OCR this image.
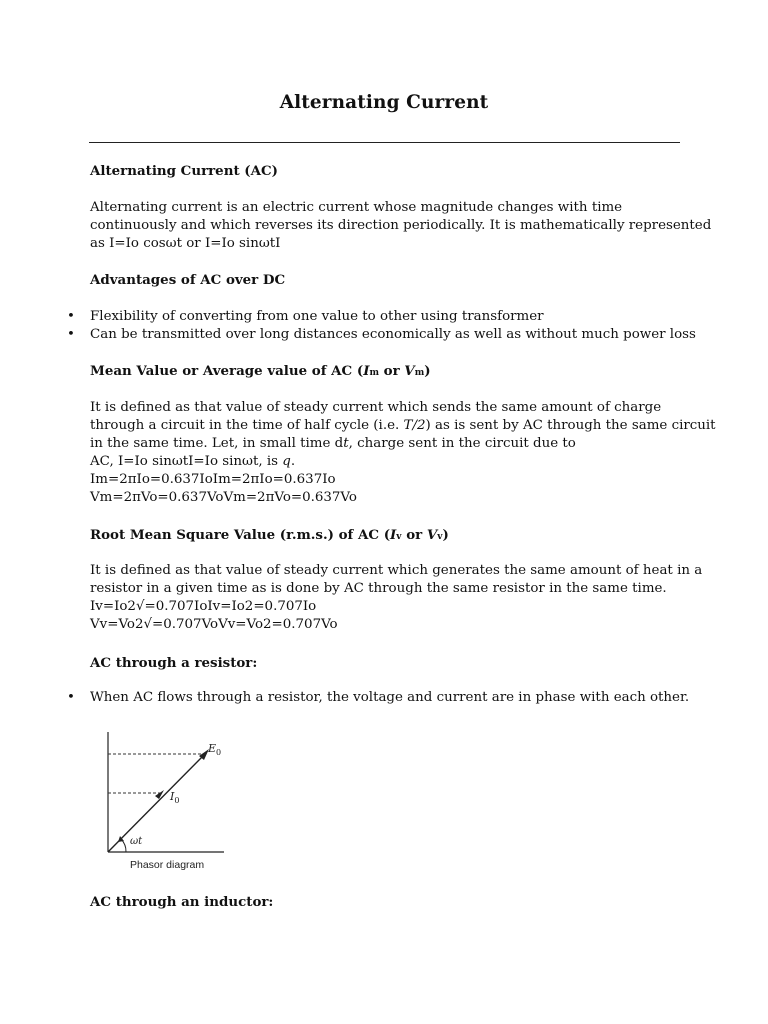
Alternating Current
Alternating Current (AC)
Alternating current is an electric current whose magnitude changes with time
continuously and which reverses its direction periodically. It is mathematically represented
as I=Io cosωt or I=Io sinωtI
Advantages of AC over DC
• Flexibility of converting from one value to other using transformer
• Can be transmitted over long distances economically as well as without much power loss
Mean Value or Average value of AC (Im or Vm)
It is defined as that value of steady current which sends the same amount of charge
through a circuit in the time of half cycle (i.e. T/2) as is sent by AC through the same circuit
in the same time. Let, in small time dt, charge sent in the circuit due to
AC, I=Io sinωtI=Io sinωt, is q.
Im=2πIo=0.637IoIm=2πIo=0.637Io
Vm=2πVo=0.637VoVm=2πVo=0.637Vo
Root Mean Square Value (r.m.s.) of AC (Iv or Vv)
It is defined as that value of steady current which generates the same amount of heat in a
resistor in a given time as is done by AC through the same resistor in the same time.
Iv=Io2√=0.707IoIv=Io2=0.707Io
Vv=Vo2√=0.707VoVv=Vo2=0.707Vo
AC through a resistor:
• When AC flows through a resistor, the voltage and current are in phase with each other.
$E_0$
$I_0$
ωt
Phasor diagram
AC through an inductor:
